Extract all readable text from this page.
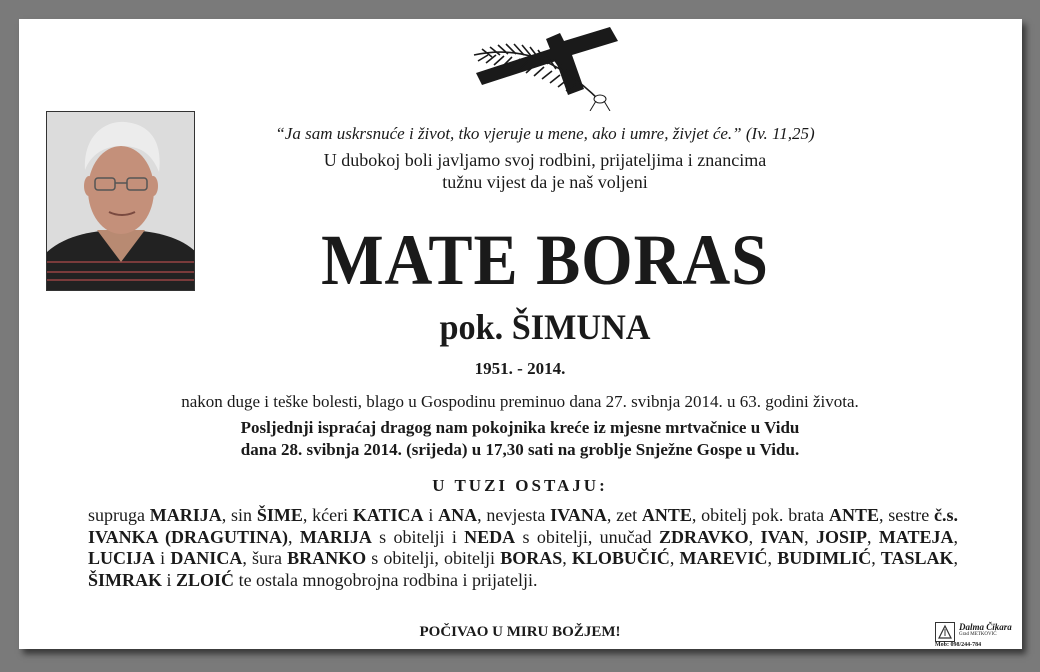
“Ja sam uskrsnuće i život, tko vjeruje u mene, ako i umre, živjet će.” (Iv. 11,25)
U dubokoj boli javljamo svoj rodbini, prijateljima i znancima
tužnu vijest da je naš voljeni
MATE BORAS
pok. ŠIMUNA
1951. - 2014.
nakon duge i teške bolesti, blago u Gospodinu preminuo dana 27. svibnja 2014. u 63. godini života.
Posljednji ispraćaj dragog nam pokojnika kreće iz mjesne mrtvačnice u Vidu
dana 28. svibnja 2014. (srijeda) u 17,30 sati na groblje Snježne Gospe u Vidu.
U TUZI OSTAJU:
supruga MARIJA, sin ŠIME, kćeri KATICA i ANA, nevjesta IVANA, zet ANTE, obitelj pok. brata ANTE, sestre č.s. IVANKA (DRAGUTINA), MARIJA s obitelji i NEDA s obitelji, unučad ZDRAVKO, IVAN, JOSIP, MATEJA, LUCIJA i DANICA, šura BRANKO s obitelji, obitelji BORAS, KLOBUČIĆ, MAREVIĆ, BUDIMLIĆ, TASLAK, ŠIMRAK i ZLOIĆ te ostala mnogobrojna rodbina i prijatelji.
POČIVAO U MIRU BOŽJEM!	Dalma Čikara
Grad METKOVIĆ
Mob: 098/244-784
